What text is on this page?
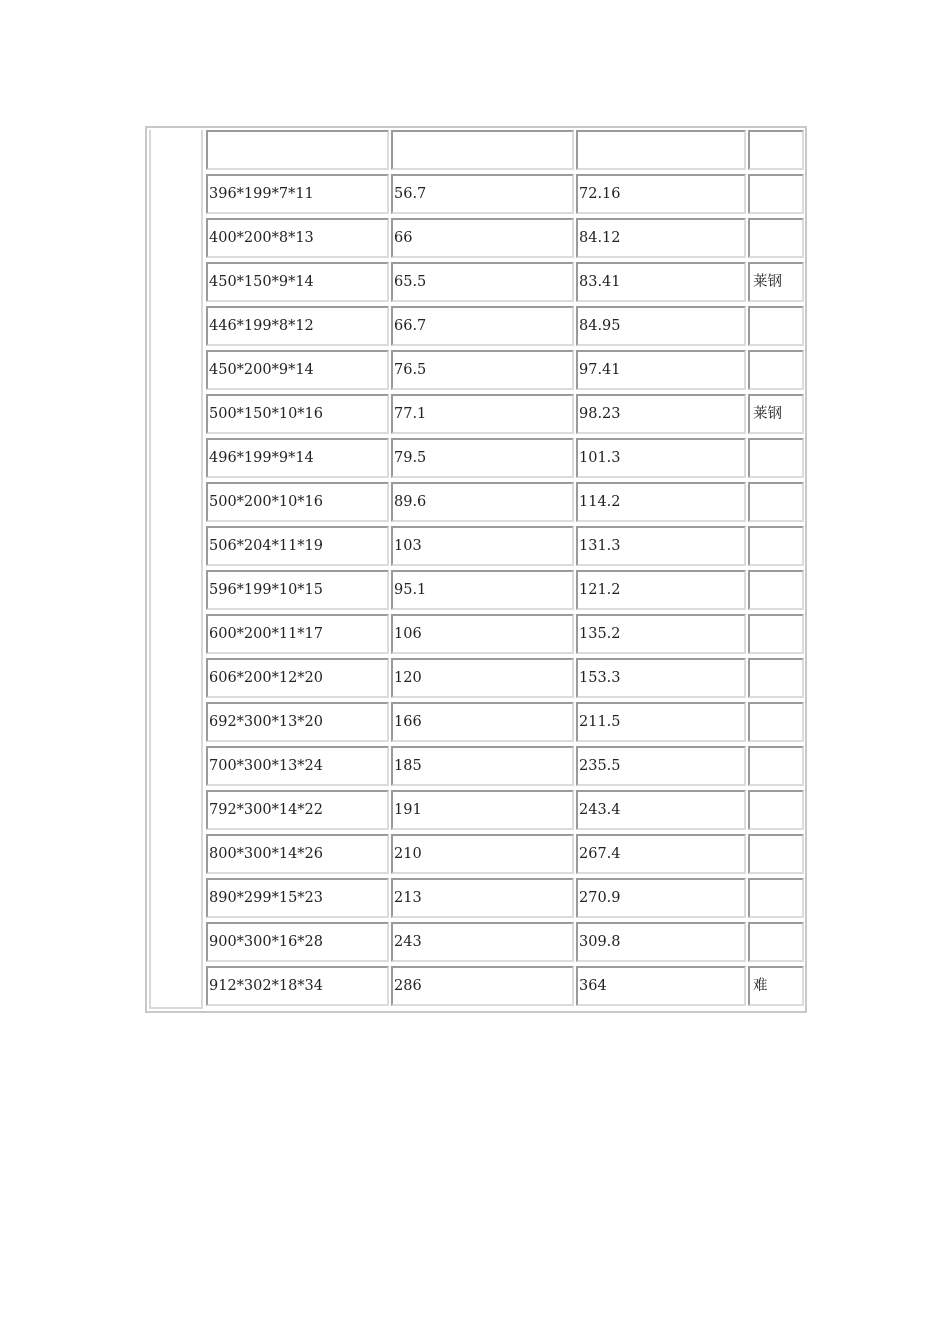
396*199*7*11	56.7	72.16
400*200*8*13	66	84.12
450*150*9*14	65.5	83.41	莱钢
446*199*8*12	66.7	84.95
450*200*9*14	76.5	97.41
500*150*10*16	77.1	98.23	莱钢
496*199*9*14	79.5	101.3
500*200*10*16	89.6	114.2
506*204*11*19	103	131.3
596*199*10*15	95.1	121.2
600*200*11*17	106	135.2
606*200*12*20	120	153.3
692*300*13*20	166	211.5
700*300*13*24	185	235.5
792*300*14*22	191	243.4
800*300*14*26	210	267.4
890*299*15*23	213	270.9
900*300*16*28	243	309.8
912*302*18*34	286	364	难
